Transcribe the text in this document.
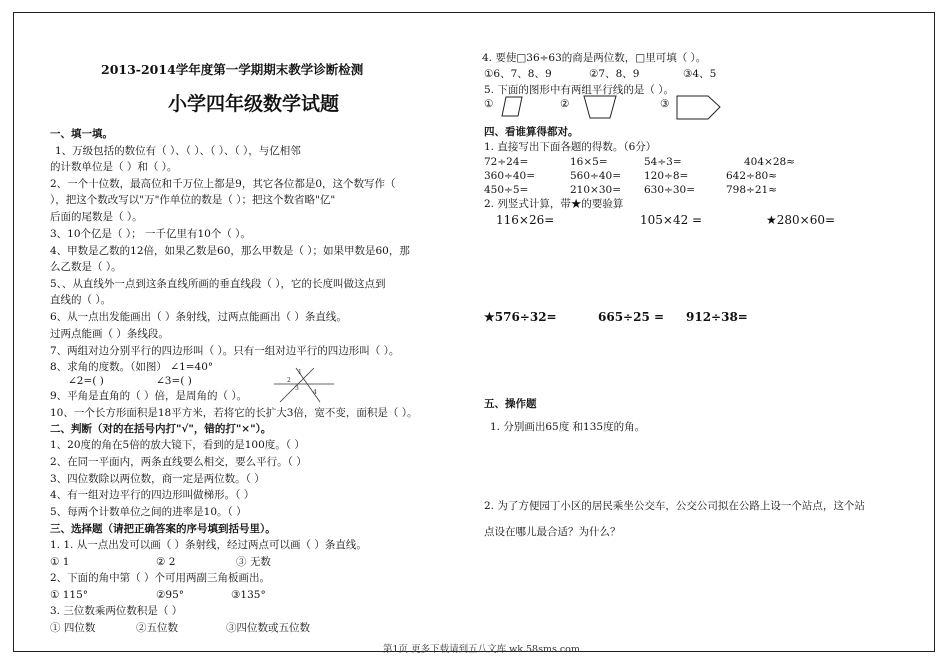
2013-2014学年度第一学期期末教学诊断检测
小学四年级数学试题
一、填一填。
1、万级包括的数位有（ ）、（ ）、（ ）、（ ），与亿相邻
的计数单位是（ ）和（ ）。
2、一个十位数，最高位和千万位上都是9，其它各位都是0，这个数写作（
），把这个数改写以"万"作单位的数是（ ）；把这个数省略"亿"
后面的尾数是（ ）。
3、10个亿是（ ）； 一千亿里有10个（ ）。
4、甲数是乙数的12倍，如果乙数是60，那么甲数是（ ）；如果甲数是60，那
么乙数是（ ）。
5、、从直线外一点到这条直线所画的垂直线段（ ），它的长度叫做这点到
直线的（ ）。
6、从一点出发能画出（ ）条射线，过两点能画出（ ）条直线。
过两点能画（ ）条线段。
7、两组对边分别平行的四边形叫（ ）。只有一组对边平行的四边形叫（ ）。
8、求角的度数。（如图） ∠1=40°
∠2=( )	∠3=( )
1
2
3
4
9、平角是直角的（ ）倍，是周角的（ ）。
10、一个长方形面积是18平方米，若将它的长扩大3倍，宽不变，面积是（ ）。
二、判断（对的在括号内打"√"，错的打"×"）。
1、20度的角在5倍的放大镜下，看到的是100度。（ ）
2、在同一平面内，两条直线要么相交，要么平行。（ ）
3、四位数除以两位数，商一定是两位数。（ ）
4、有一组对边平行的四边形叫做梯形。（ ）
5、每两个计数单位之间的进率是10。（ ）
三、选择题（请把正确答案的序号填到括号里）。
1. 1. 从一点出发可以画（ ）条射线，经过两点可以画（ ）条直线。
① 1	② 2	③ 无数
2、下面的角中第（ ）个可用两副三角板画出。
① 115°	②95°	③135°
3. 三位数乘两位数积是（ ）
① 四位数	②五位数	③四位数或五位数
4. 要使□36÷63的商是两位数，□里可填（ ）。
①6、7、8、9	②7、8、9	③4、5
5. 下面的图形中有两组平行线的是（ ）。
①	②	③
四、看谁算得都对。
1. 直接写出下面各题的得数。（6分）
72÷24=	16×5=	54÷3=	404×28≈
360÷40=	560÷40= 120÷8=	642÷80≈
450÷5=	210×30= 630÷30=	798÷21≈
2. 列竖式计算，带★的要验算
116×26=	105×42 =	★280×60=
★576÷32=	665÷25 = 912÷38=
五、操作题
1. 分别画出65度 和135度的角。
2. 为了方便园丁小区的居民乘坐公交车，公交公司拟在公路上设一个站点，这个站
点设在哪儿最合适？为什么？
第1页 更多下载请到五八文库 wk.58sms.com
